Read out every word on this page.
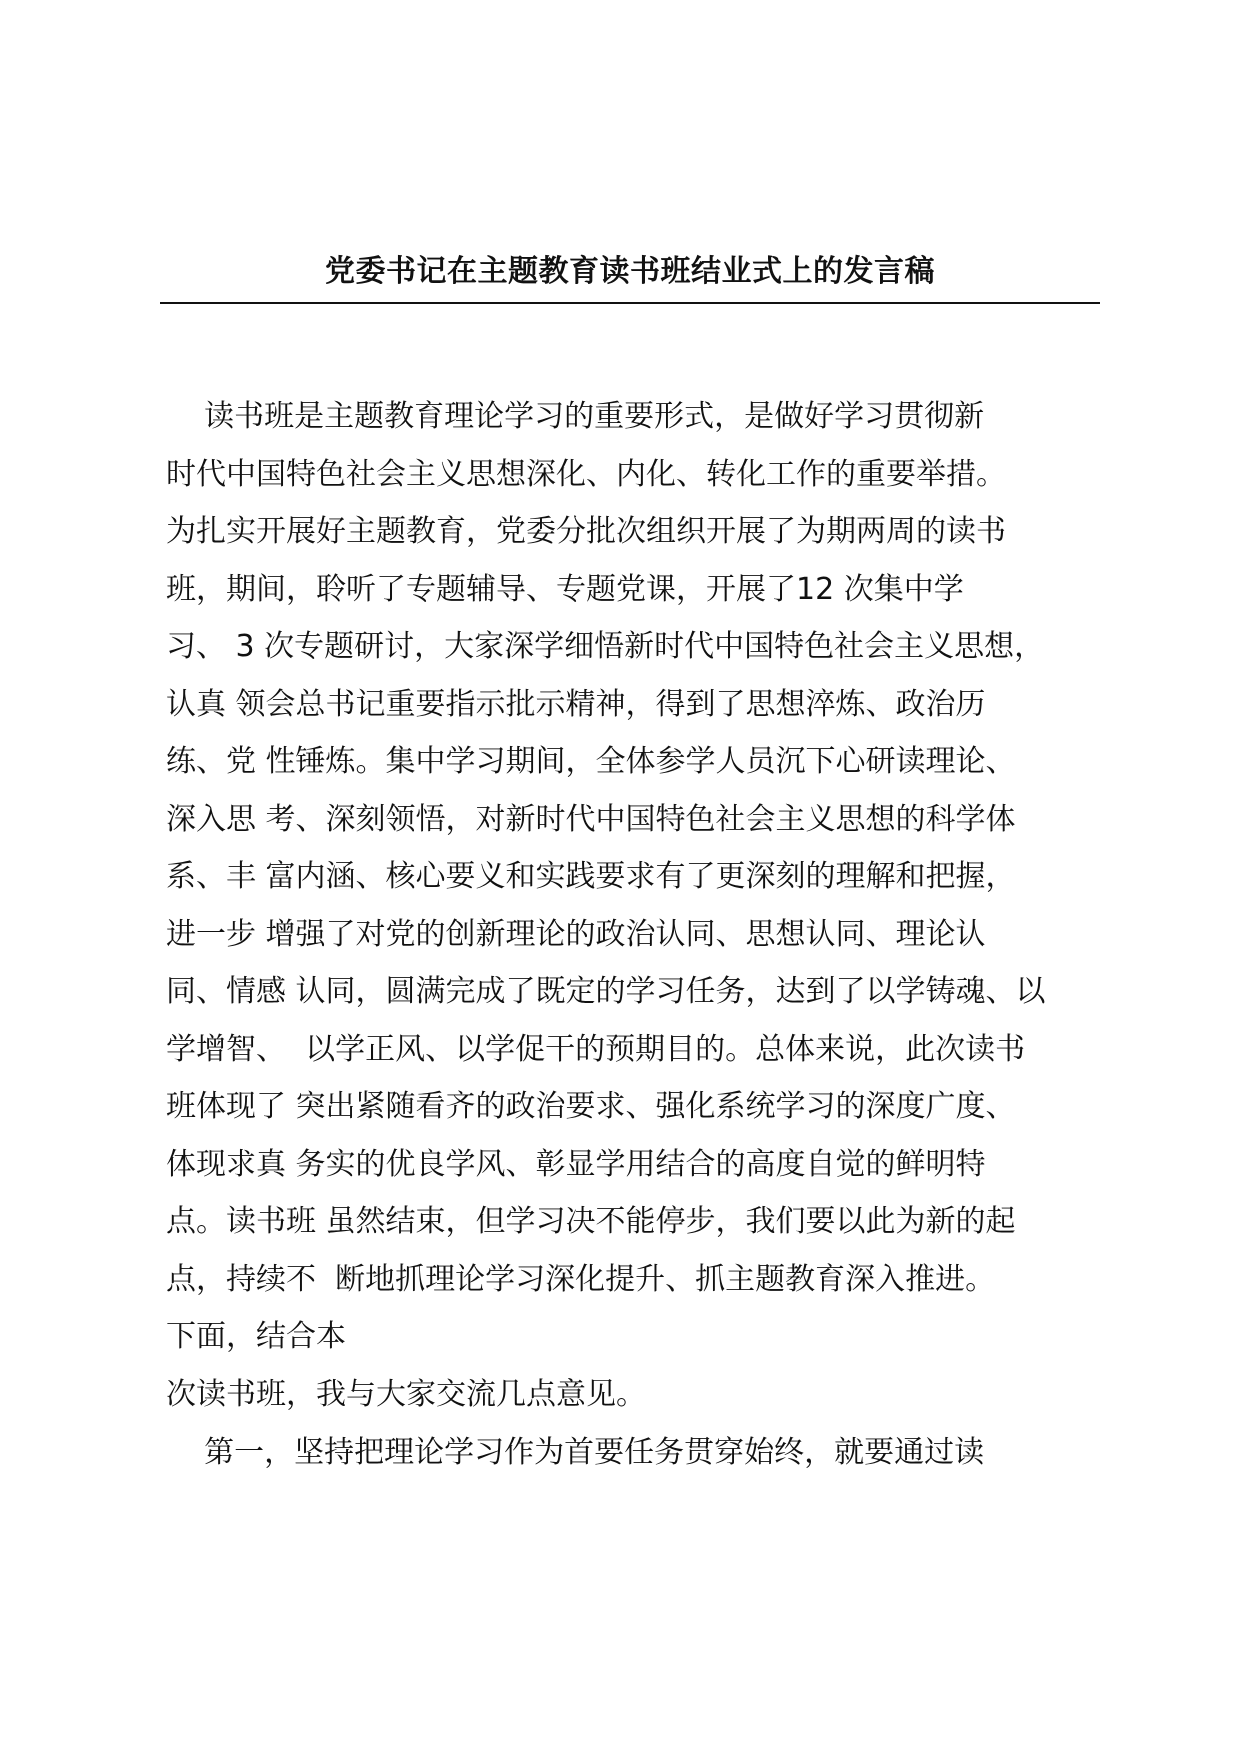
党委书记在主题教育读书班结业式上的发言稿
读书班是主题教育理论学习的重要形式，是做好学习贯彻新
时代中国特色社会主义思想深化、内化、转化工作的重要举措。
为扎实开展好主题教育，党委分批次组织开展了为期两周的读书
班，期间，聆听了专题辅导、专题党课，开展了12 次集中学
习、 3 次专题研讨，大家深学细悟新时代中国特色社会主义思想，
认真 领会总书记重要指示批示精神，得到了思想淬炼、政治历
练、党 性锤炼。集中学习期间，全体参学人员沉下心研读理论、
深入思 考、深刻领悟，对新时代中国特色社会主义思想的科学体
系、丰 富内涵、核心要义和实践要求有了更深刻的理解和把握，
进一步 增强了对党的创新理论的政治认同、思想认同、理论认
同、情感 认同，圆满完成了既定的学习任务，达到了以学铸魂、以
学增智、  以学正风、以学促干的预期目的。总体来说，此次读书
班体现了 突出紧随看齐的政治要求、强化系统学习的深度广度、
体现求真 务实的优良学风、彰显学用结合的高度自觉的鲜明特
点。读书班 虽然结束，但学习决不能停步，我们要以此为新的起
点，持续不  断地抓理论学习深化提升、抓主题教育深入推进。
下面，结合本
次读书班，我与大家交流几点意见。
第一，坚持把理论学习作为首要任务贯穿始终，就要通过读
